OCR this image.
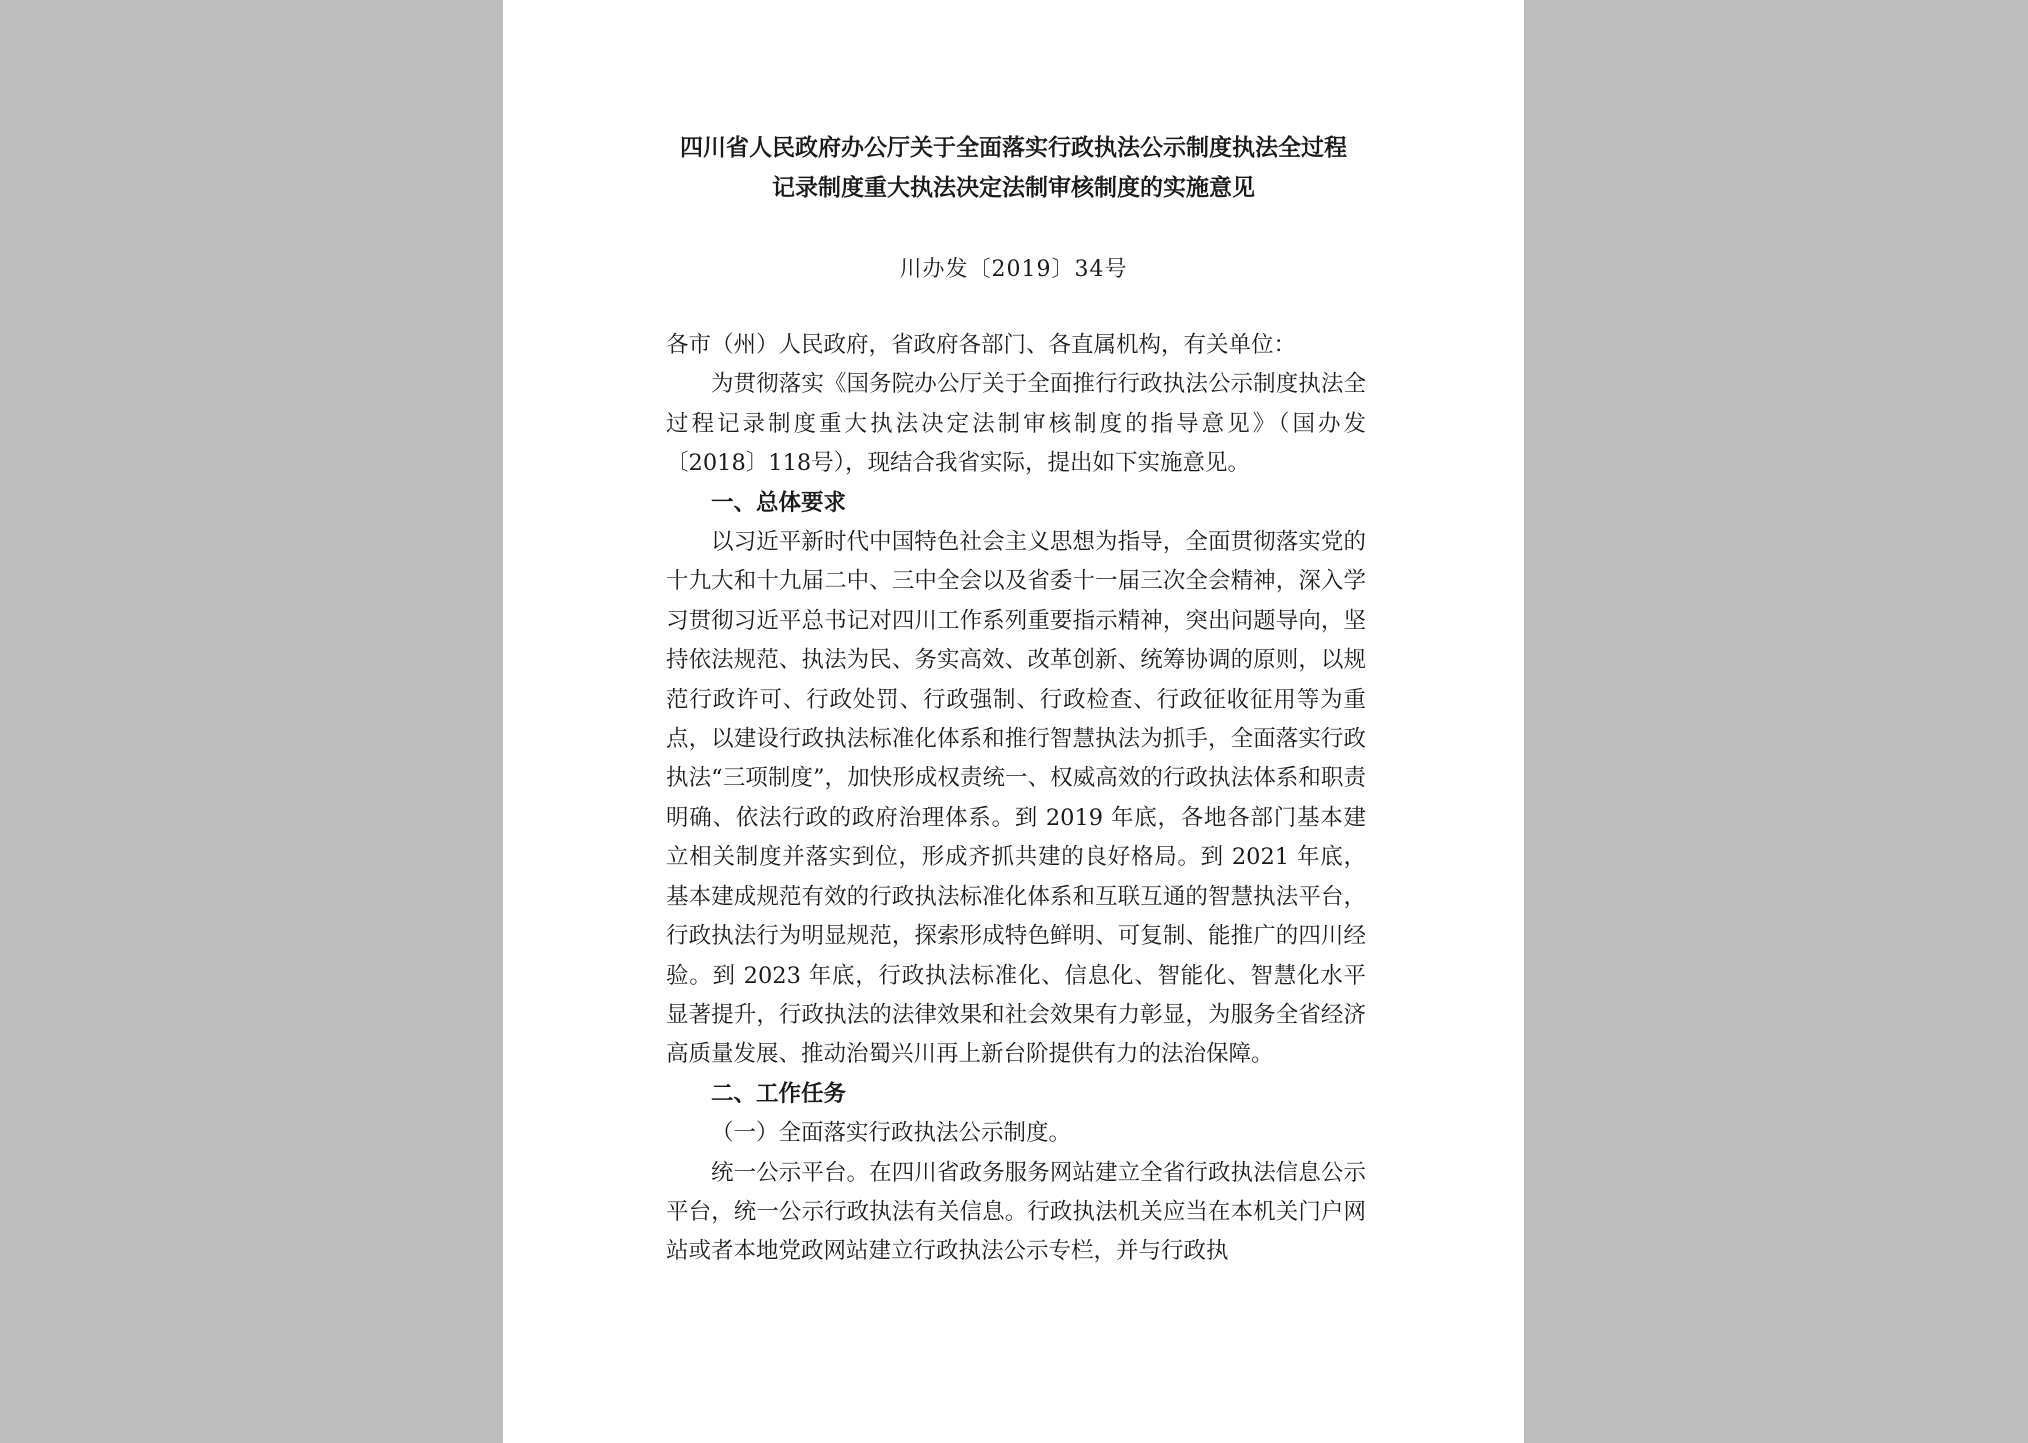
四川省人民政府办公厅关于全面落实行政执法公示制度执法全过程
记录制度重大执法决定法制审核制度的实施意见
川办发〔2019〕34号

各市（州）人民政府，省政府各部门、各直属机构，有关单位：

为贯彻落实《国务院办公厅关于全面推行行政执法公示制度执法全过程记录制度重大执法决定法制审核制度的指导意见》（国办发〔2018〕118号），现结合我省实际，提出如下实施意见。

一、总体要求

以习近平新时代中国特色社会主义思想为指导，全面贯彻落实党的十九大和十九届二中、三中全会以及省委十一届三次全会精神，深入学习贯彻习近平总书记对四川工作系列重要指示精神，突出问题导向，坚持依法规范、执法为民、务实高效、改革创新、统筹协调的原则，以规范行政许可、行政处罚、行政强制、行政检查、行政征收征用等为重点，以建设行政执法标准化体系和推行智慧执法为抓手，全面落实行政执法“三项制度”，加快形成权责统一、权威高效的行政执法体系和职责明确、依法行政的政府治理体系。到 2019 年底，各地各部门基本建立相关制度并落实到位，形成齐抓共建的良好格局。到 2021 年底，基本建成规范有效的行政执法标准化体系和互联互通的智慧执法平台，行政执法行为明显规范，探索形成特色鲜明、可复制、能推广的四川经验。到 2023 年底，行政执法标准化、信息化、智能化、智慧化水平显著提升，行政执法的法律效果和社会效果有力彰显，为服务全省经济高质量发展、推动治蜀兴川再上新台阶提供有力的法治保障。

二、工作任务

（一）全面落实行政执法公示制度。

统一公示平台。在四川省政务服务网站建立全省行政执法信息公示平台，统一公示行政执法有关信息。行政执法机关应当在本机关门户网站或者本地党政网站建立行政执法公示专栏，并与行政执
